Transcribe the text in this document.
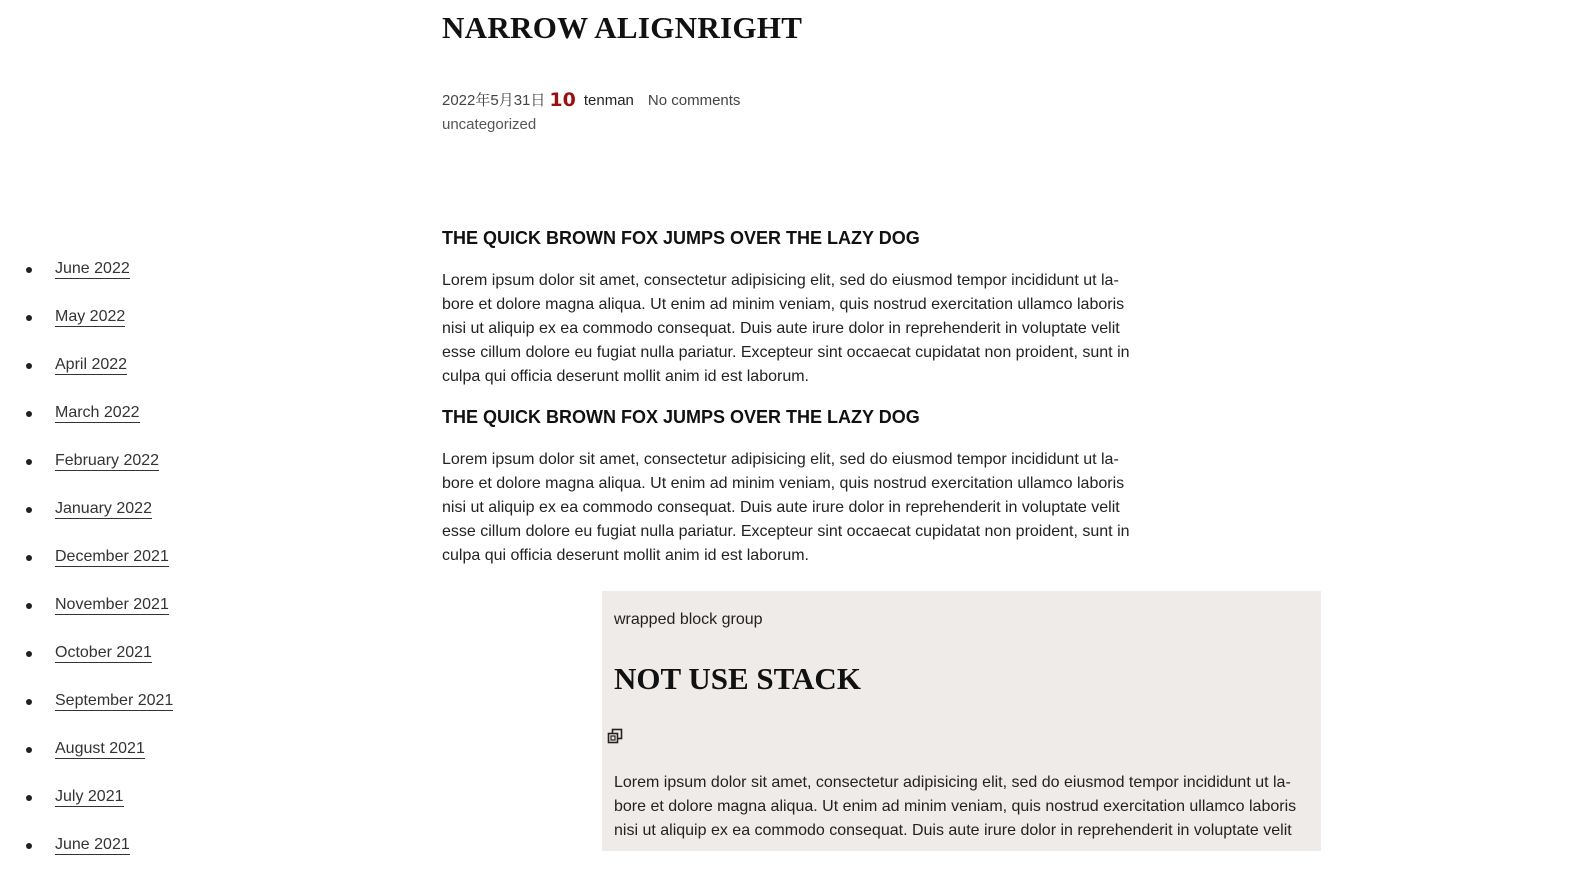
NARROW ALIGNRIGHT
2022年5月31日 10 tenman No comments
uncategorized
THE QUICK BROWN FOX JUMPS OVER THE LAZY DOG

Lorem ipsum dolor sit amet, consectetur adipisicing elit, sed do eiusmod tempor incididunt ut la-
bore et dolore magna aliqua. Ut enim ad minim veniam, quis nostrud exercitation ullamco laboris
nisi ut aliquip ex ea commodo consequat. Duis aute irure dolor in reprehenderit in voluptate velit
esse cillum dolore eu fugiat nulla pariatur. Excepteur sint occaecat cupidatat non proident, sunt in
culpa qui officia deserunt mollit anim id est laborum.

THE QUICK BROWN FOX JUMPS OVER THE LAZY DOG

Lorem ipsum dolor sit amet, consectetur adipisicing elit, sed do eiusmod tempor incididunt ut la-
bore et dolore magna aliqua. Ut enim ad minim veniam, quis nostrud exercitation ullamco laboris
nisi ut aliquip ex ea commodo consequat. Duis aute irure dolor in reprehenderit in voluptate velit
esse cillum dolore eu fugiat nulla pariatur. Excepteur sint occaecat cupidatat non proident, sunt in
culpa qui officia deserunt mollit anim id est laborum.

wrapped block group
NOT USE STACK

Lorem ipsum dolor sit amet, consectetur adipisicing elit, sed do eiusmod tempor incididunt ut la-
bore et dolore magna aliqua. Ut enim ad minim veniam, quis nostrud exercitation ullamco laboris
nisi ut aliquip ex ea commodo consequat. Duis aute irure dolor in reprehenderit in voluptate velit

June 2022
May 2022
April 2022
March 2022
February 2022
January 2022
December 2021
November 2021
October 2021
September 2021
August 2021
July 2021
June 2021
